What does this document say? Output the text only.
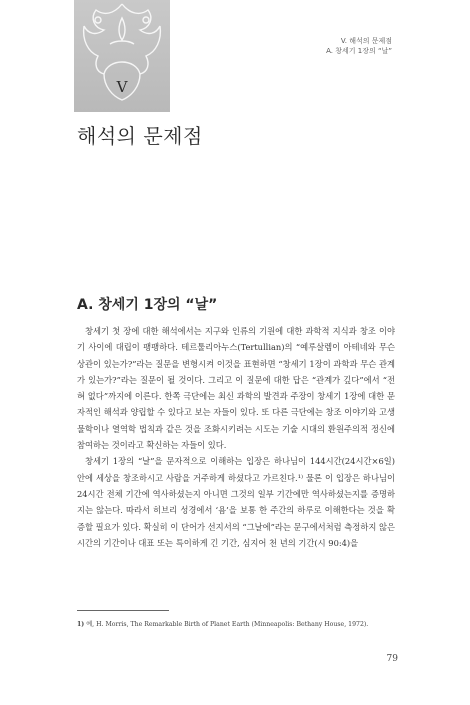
V
V. 해석의 문제점
A. 창세기 1장의 “날”
해석의 문제점
A. 창세기 1장의 “날”

창세기 첫 장에 대한 해석에서는 지구와 인류의 기원에 대한 과학적 지식과 창조 이야기 사이에 대립이 팽팽하다. 테르툴리아누스(Tertullian)의 “예루살렘이 아테네와 무슨 상관이 있는가?”라는 질문을 변형시켜 이것을 표현하면 “창세기 1장이 과학과 무슨 관계가 있는가?”라는 질문이 될 것이다. 그리고 이 질문에 대한 답은 “관계가 깊다”에서 “전혀 없다”까지에 이른다. 한쪽 극단에는 최신 과학의 발견과 주장이 창세기 1장에 대한 문자적인 해석과 양립할 수 있다고 보는 자들이 있다. 또 다른 극단에는 창조 이야기와 고생물학이나 열역학 법칙과 같은 것을 조화시키려는 시도는 기술 시대의 환원주의적 정신에 참여하는 것이라고 확신하는 자들이 있다.

창세기 1장의 “날”을 문자적으로 이해하는 입장은 하나님이 144시간(24시간×6일) 안에 세상을 창조하시고 사람을 거주하게 하셨다고 가르친다.¹⁾ 물론 이 입장은 하나님이 24시간 전체 기간에 역사하셨는지 아니면 그것의 일부 기간에만 역사하셨는지를 증명하지는 않는다. 따라서 히브리 성경에서 ‘욤’을 보통 한 주간의 하루로 이해한다는 것을 확증할 필요가 있다. 확실히 이 단어가 선지서의 “그날에”라는 문구에서처럼 측정하지 않은 시간의 기간이나 대표 또는 특이하게 긴 기간, 심지어 천 년의 기간(시 90:4)을

1) 예, H. Morris, The Remarkable Birth of Planet Earth (Minneapolis: Bethany House, 1972).
79
